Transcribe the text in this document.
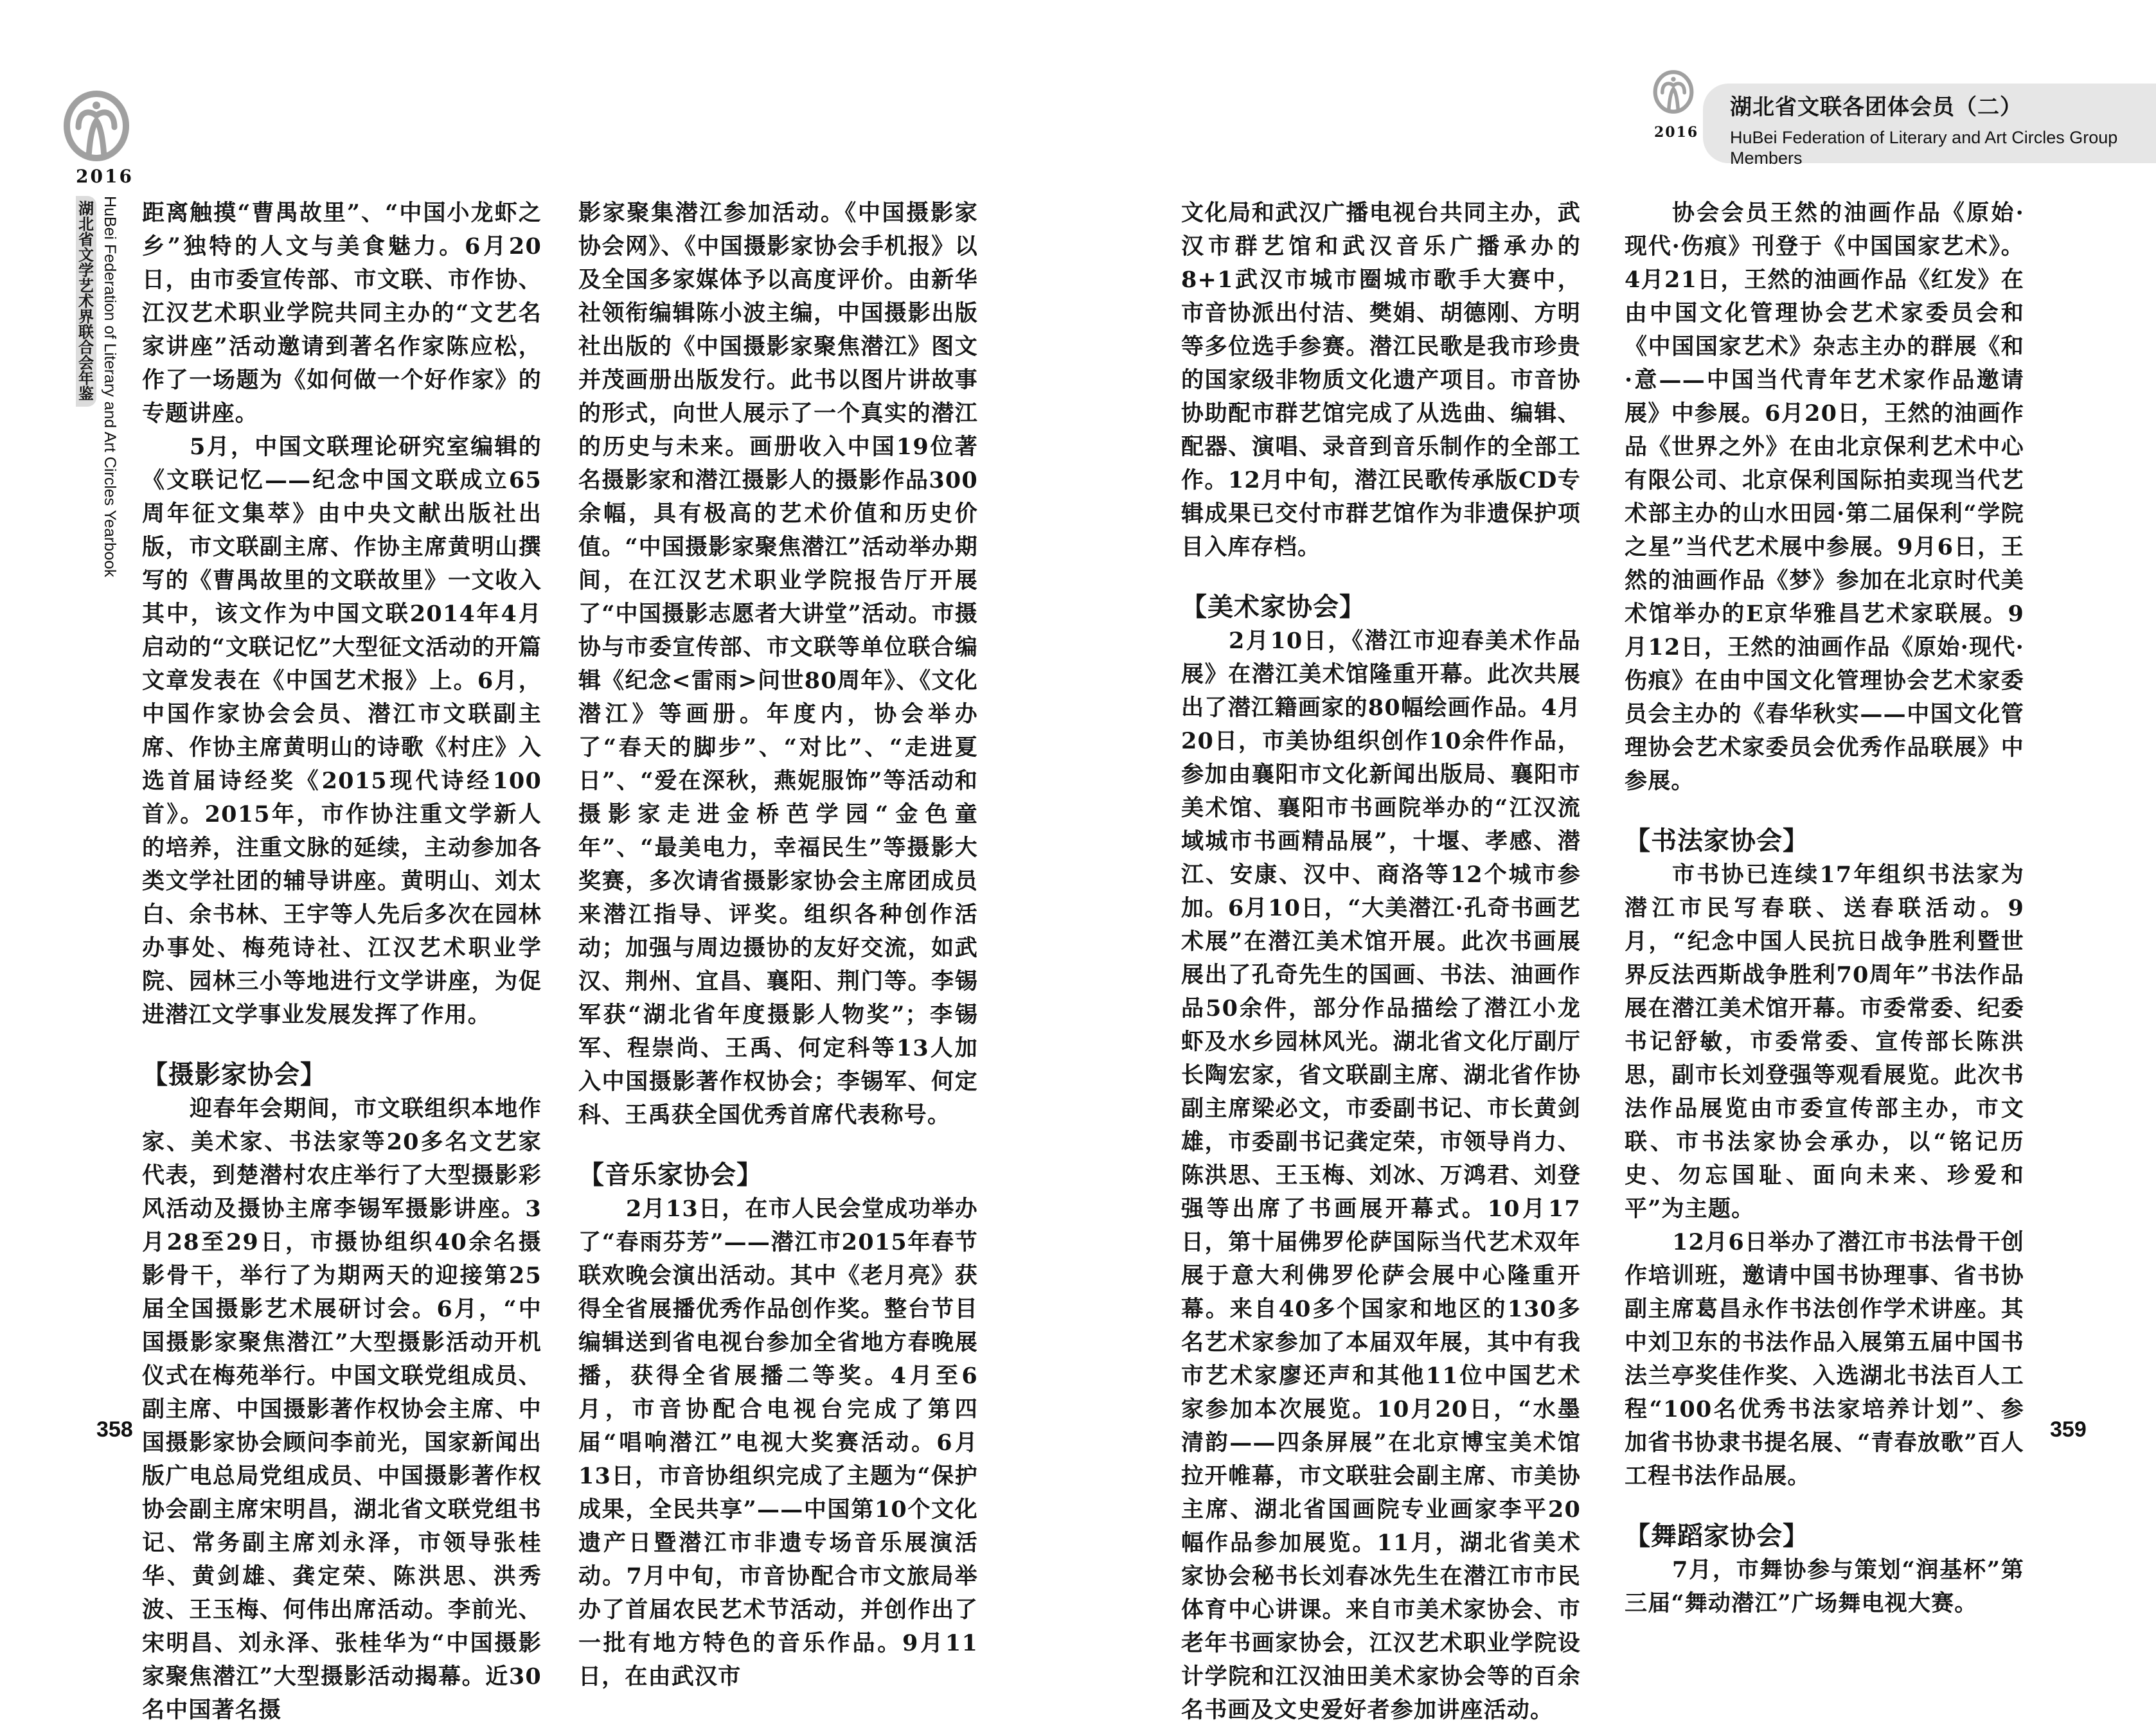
2016
湖
北
省
文
学
艺
术
界
联
合
会
年
鉴 HuBei Federation of Literary and Art Circles Yearbook 距离触摸“曹禺故里”、“中国小龙虾之乡”独特的人文与美食魅力。6月20日，由市委宣传部、市文联、市作协、江汉艺术职业学院共同主办的“文艺名家讲座”活动邀请到著名作家陈应松，作了一场题为《如何做一个好作家》的专题讲座。

5月，中国文联理论研究室编辑的《文联记忆——纪念中国文联成立65周年征文集萃》由中央文献出版社出版，市文联副主席、作协主席黄明山撰写的《曹禺故里的文联故里》一文收入其中，该文作为中国文联2014年4月启动的“文联记忆”大型征文活动的开篇文章发表在《中国艺术报》上。6月，中国作家协会会员、潜江市文联副主席、作协主席黄明山的诗歌《村庄》入选首届诗经奖《2015现代诗经100首》。2015年，市作协注重文学新人的培养，注重文脉的延续，主动参加各类文学社团的辅导讲座。黄明山、刘太白、余书林、王宇等人先后多次在园林办事处、梅苑诗社、江汉艺术职业学院、园林三小等地进行文学讲座，为促进潜江文学事业发展发挥了作用。

【摄影家协会】

迎春年会期间，市文联组织本地作家、美术家、书法家等20多名文艺家代表，到楚潜村农庄举行了大型摄影彩风活动及摄协主席李锡军摄影讲座。3月28至29日，市摄协组织40余名摄影骨干，举行了为期两天的迎接第25届全国摄影艺术展研讨会。6月，“中国摄影家聚焦潜江”大型摄影活动开机仪式在梅苑举行。中国文联党组成员、副主席、中国摄影著作权协会主席、中国摄影家协会顾问李前光，国家新闻出版广电总局党组成员、中国摄影著作权协会副主席宋明昌，湖北省文联党组书记、常务副主席刘永泽，市领导张桂华、黄剑雄、龚定荣、陈洪思、洪秀波、王玉梅、何伟出席活动。李前光、宋明昌、刘永泽、张桂华为“中国摄影家聚焦潜江”大型摄影活动揭幕。近30名中国著名摄

影家聚集潜江参加活动。《中国摄影家协会网》、《中国摄影家协会手机报》以及全国多家媒体予以高度评价。由新华社领衔编辑陈小波主编，中国摄影出版社出版的《中国摄影家聚焦潜江》图文并茂画册出版发行。此书以图片讲故事的形式，向世人展示了一个真实的潜江的历史与未来。画册收入中国19位著名摄影家和潜江摄影人的摄影作品300余幅，具有极高的艺术价值和历史价值。“中国摄影家聚焦潜江”活动举办期间，在江汉艺术职业学院报告厅开展了“中国摄影志愿者大讲堂”活动。市摄协与市委宣传部、市文联等单位联合编辑《纪念<雷雨>问世80周年》、《文化潜江》等画册。年度内，协会举办了“春天的脚步”、“对比”、“走进夏日”、“爱在深秋，燕妮服饰”等活动和摄影家走进金桥芭学园“金色童年”、“最美电力，幸福民生”等摄影大奖赛，多次请省摄影家协会主席团成员来潜江指导、评奖。组织各种创作活动；加强与周边摄协的友好交流，如武汉、荆州、宜昌、襄阳、荆门等。李锡军获“湖北省年度摄影人物奖”；李锡军、程崇尚、王禹、何定科等13人加入中国摄影著作权协会；李锡军、何定科、王禹获全国优秀首席代表称号。

【音乐家协会】

2月13日，在市人民会堂成功举办了“春雨芬芳”——潜江市2015年春节联欢晚会演出活动。其中《老月亮》获得全省展播优秀作品创作奖。整台节目编辑送到省电视台参加全省地方春晚展播，获得全省展播二等奖。4月至6月，市音协配合电视台完成了第四届“唱响潜江”电视大奖赛活动。6月13日，市音协组织完成了主题为“保护成果，全民共享”——中国第10个文化遗产日暨潜江市非遗专场音乐展演活动。7月中旬，市音协配合市文旅局举办了首届农民艺术节活动，并创作出了一批有地方特色的音乐作品。9月11日，在由武汉市

358
2016
湖北省文联各团体会员（二）
HuBei Federation of Literary and Art Circles Group Members

文化局和武汉广播电视台共同主办，武汉市群艺馆和武汉音乐广播承办的8+1武汉市城市圈城市歌手大赛中，市音协派出付洁、樊娟、胡德刚、方明等多位选手参赛。潜江民歌是我市珍贵的国家级非物质文化遗产项目。市音协协助配市群艺馆完成了从选曲、编辑、配器、演唱、录音到音乐制作的全部工作。12月中旬，潜江民歌传承版CD专辑成果已交付市群艺馆作为非遗保护项目入库存档。

【美术家协会】

2月10日，《潜江市迎春美术作品展》在潜江美术馆隆重开幕。此次共展出了潜江籍画家的80幅绘画作品。4月20日，市美协组织创作10余件作品，参加由襄阳市文化新闻出版局、襄阳市美术馆、襄阳市书画院举办的“江汉流域城市书画精品展”，十堰、孝感、潜江、安康、汉中、商洛等12个城市参加。6月10日，“大美潜江·孔奇书画艺术展”在潜江美术馆开展。此次书画展展出了孔奇先生的国画、书法、油画作品50余件，部分作品描绘了潜江小龙虾及水乡园林风光。湖北省文化厅副厅长陶宏家，省文联副主席、湖北省作协副主席梁必文，市委副书记、市长黄剑雄，市委副书记龚定荣，市领导肖力、陈洪思、王玉梅、刘冰、万鸿君、刘登强等出席了书画展开幕式。10月17日，第十届佛罗伦萨国际当代艺术双年展于意大利佛罗伦萨会展中心隆重开幕。来自40多个国家和地区的130多名艺术家参加了本届双年展，其中有我市艺术家廖还声和其他11位中国艺术家参加本次展览。10月20日，“水墨清韵——四条屏展”在北京博宝美术馆拉开帷幕，市文联驻会副主席、市美协主席、湖北省国画院专业画家李平20幅作品参加展览。11月，湖北省美术家协会秘书长刘春冰先生在潜江市市民体育中心讲课。来自市美术家协会、市老年书画家协会，江汉艺术职业学院设计学院和江汉油田美术家协会等的百余名书画及文史爱好者参加讲座活动。

协会会员王然的油画作品《原始·现代·伤痕》刊登于《中国国家艺术》。4月21日，王然的油画作品《红发》在由中国文化管理协会艺术家委员会和《中国国家艺术》杂志主办的群展《和·意——中国当代青年艺术家作品邀请展》中参展。6月20日，王然的油画作品《世界之外》在由北京保利艺术中心有限公司、北京保利国际拍卖现当代艺术部主办的山水田园·第二届保利“学院之星”当代艺术展中参展。9月6日，王然的油画作品《梦》参加在北京时代美术馆举办的E京华雅昌艺术家联展。9月12日，王然的油画作品《原始·现代·伤痕》在由中国文化管理协会艺术家委员会主办的《春华秋实——中国文化管理协会艺术家委员会优秀作品联展》中参展。

【书法家协会】

市书协已连续17年组织书法家为潜江市民写春联、送春联活动。9月，“纪念中国人民抗日战争胜利暨世界反法西斯战争胜利70周年”书法作品展在潜江美术馆开幕。市委常委、纪委书记舒敏，市委常委、宣传部长陈洪思，副市长刘登强等观看展览。此次书法作品展览由市委宣传部主办，市文联、市书法家协会承办，以“铭记历史、勿忘国耻、面向未来、珍爱和平”为主题。

12月6日举办了潜江市书法骨干创作培训班，邀请中国书协理事、省书协副主席葛昌永作书法创作学术讲座。其中刘卫东的书法作品入展第五届中国书法兰亭奖佳作奖、入选湖北书法百人工程“100名优秀书法家培养计划”、参加省书协隶书提名展、“青春放歌”百人工程书法作品展。

【舞蹈家协会】

7月，市舞协参与策划“润基杯”第三届“舞动潜江”广场舞电视大赛。

359
